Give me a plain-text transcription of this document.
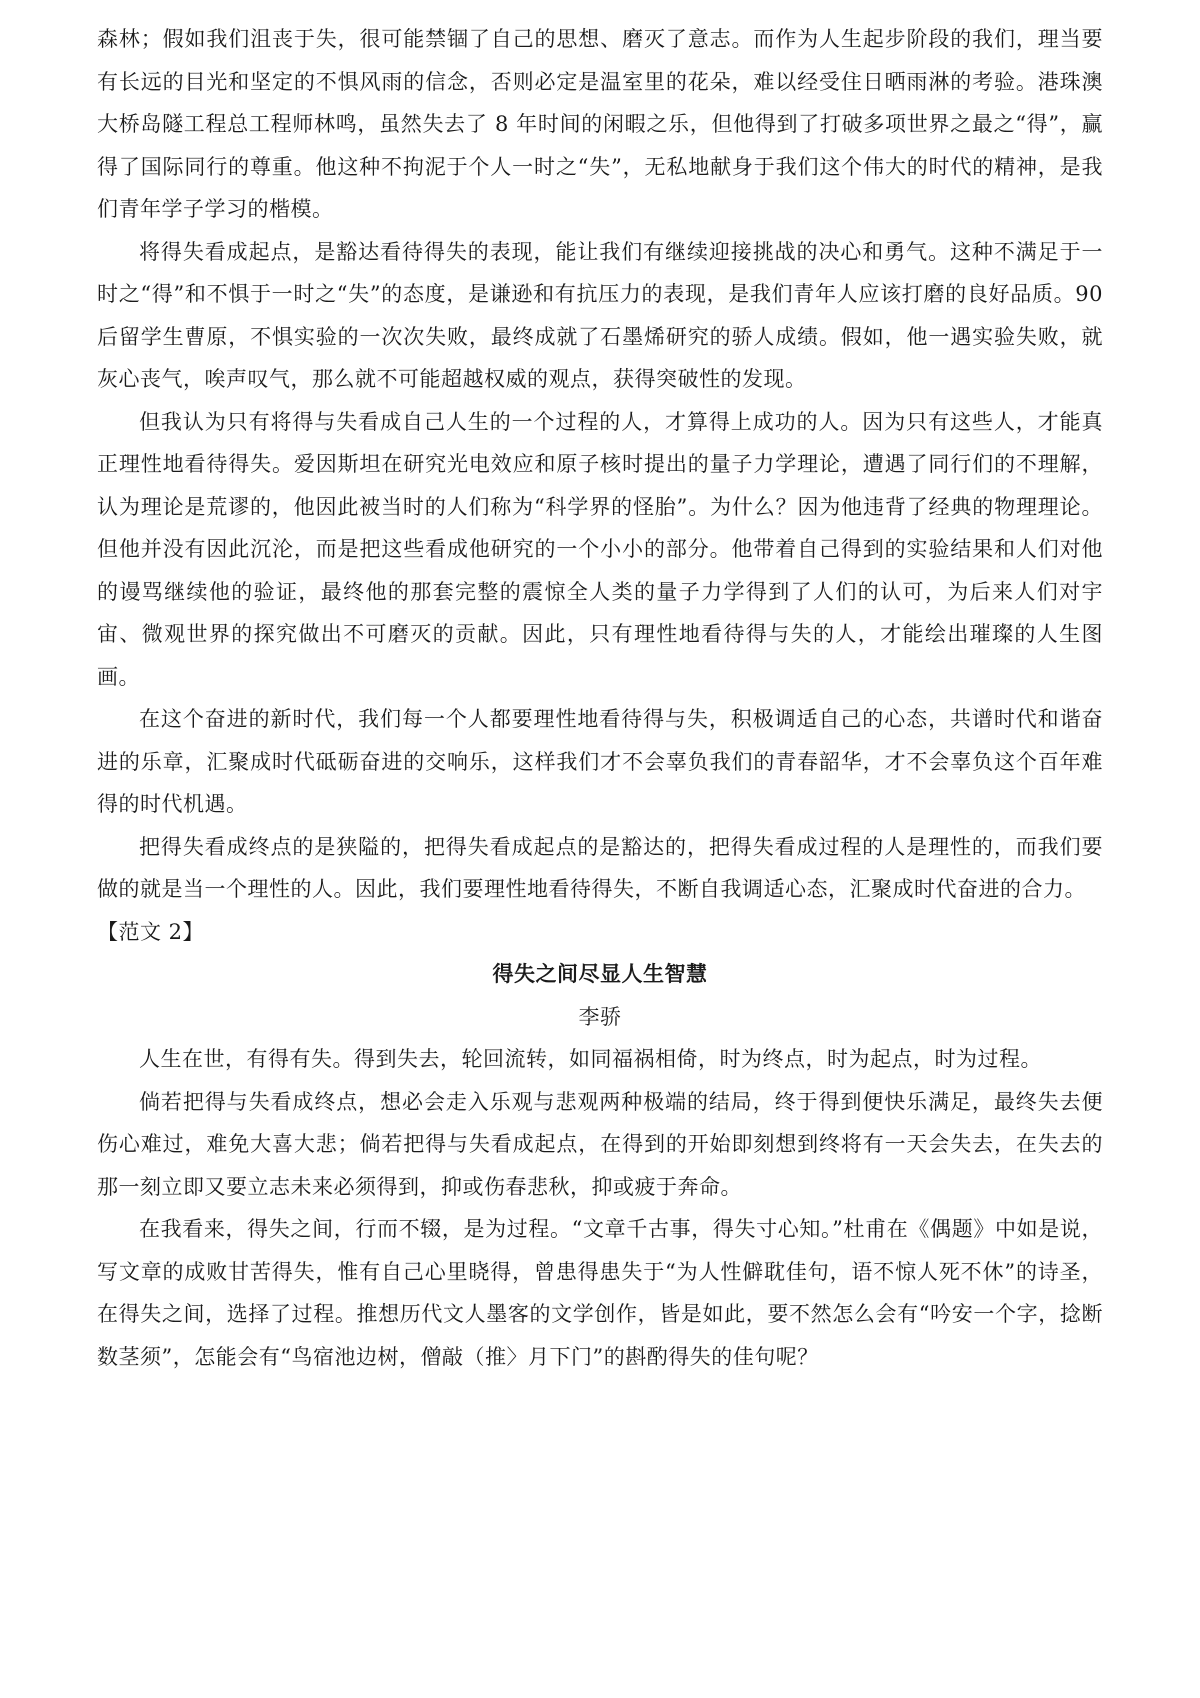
森林；假如我们沮丧于失，很可能禁锢了自己的思想、磨灭了意志。而作为人生起步阶段的我们，理当要有长远的目光和坚定的不惧风雨的信念，否则必定是温室里的花朵，难以经受住日晒雨淋的考验。港珠澳大桥岛隧工程总工程师林鸣，虽然失去了 8 年时间的闲暇之乐，但他得到了打破多项世界之最之“得”，赢得了国际同行的尊重。他这种不拘泥于个人一时之“失”，无私地献身于我们这个伟大的时代的精神，是我们青年学子学习的楷模。

将得失看成起点，是豁达看待得失的表现，能让我们有继续迎接挑战的决心和勇气。这种不满足于一时之“得”和不惧于一时之“失”的态度，是谦逊和有抗压力的表现，是我们青年人应该打磨的良好品质。90 后留学生曹原，不惧实验的一次次失败，最终成就了石墨烯研究的骄人成绩。假如，他一遇实验失败，就灰心丧气，唉声叹气，那么就不可能超越权威的观点，获得突破性的发现。

但我认为只有将得与失看成自己人生的一个过程的人，才算得上成功的人。因为只有这些人，才能真正理性地看待得失。爱因斯坦在研究光电效应和原子核时提出的量子力学理论，遭遇了同行们的不理解，认为理论是荒谬的，他因此被当时的人们称为“科学界的怪胎”。为什么？因为他违背了经典的物理理论。但他并没有因此沉沦，而是把这些看成他研究的一个小小的部分。他带着自己得到的实验结果和人们对他的谩骂继续他的验证，最终他的那套完整的震惊全人类的量子力学得到了人们的认可，为后来人们对宇宙、微观世界的探究做出不可磨灭的贡献。因此，只有理性地看待得与失的人，才能绘出璀璨的人生图画。

在这个奋进的新时代，我们每一个人都要理性地看待得与失，积极调适自己的心态，共谱时代和谐奋进的乐章，汇聚成时代砥砺奋进的交响乐，这样我们才不会辜负我们的青春韶华，才不会辜负这个百年难得的时代机遇。

把得失看成终点的是狭隘的，把得失看成起点的是豁达的，把得失看成过程的人是理性的，而我们要做的就是当一个理性的人。因此，我们要理性地看待得失，不断自我调适心态，汇聚成时代奋进的合力。

【范文 2】

得失之间尽显人生智慧

李骄

人生在世，有得有失。得到失去，轮回流转，如同福祸相倚，时为终点，时为起点，时为过程。

倘若把得与失看成终点，想必会走入乐观与悲观两种极端的结局，终于得到便快乐满足，最终失去便伤心难过，难免大喜大悲；倘若把得与失看成起点，在得到的开始即刻想到终将有一天会失去，在失去的那一刻立即又要立志未来必须得到，抑或伤春悲秋，抑或疲于奔命。

在我看来，得失之间，行而不辍，是为过程。“文章千古事，得失寸心知。”杜甫在《偶题》中如是说，写文章的成败甘苦得失，惟有自己心里晓得，曾患得患失于“为人性僻耽佳句，语不惊人死不休”的诗圣，在得失之间，选择了过程。推想历代文人墨客的文学创作，皆是如此，要不然怎么会有“吟安一个字，捻断数茎须”，怎能会有“鸟宿池边树，僧敲（推〉月下门”的斟酌得失的佳句呢？
